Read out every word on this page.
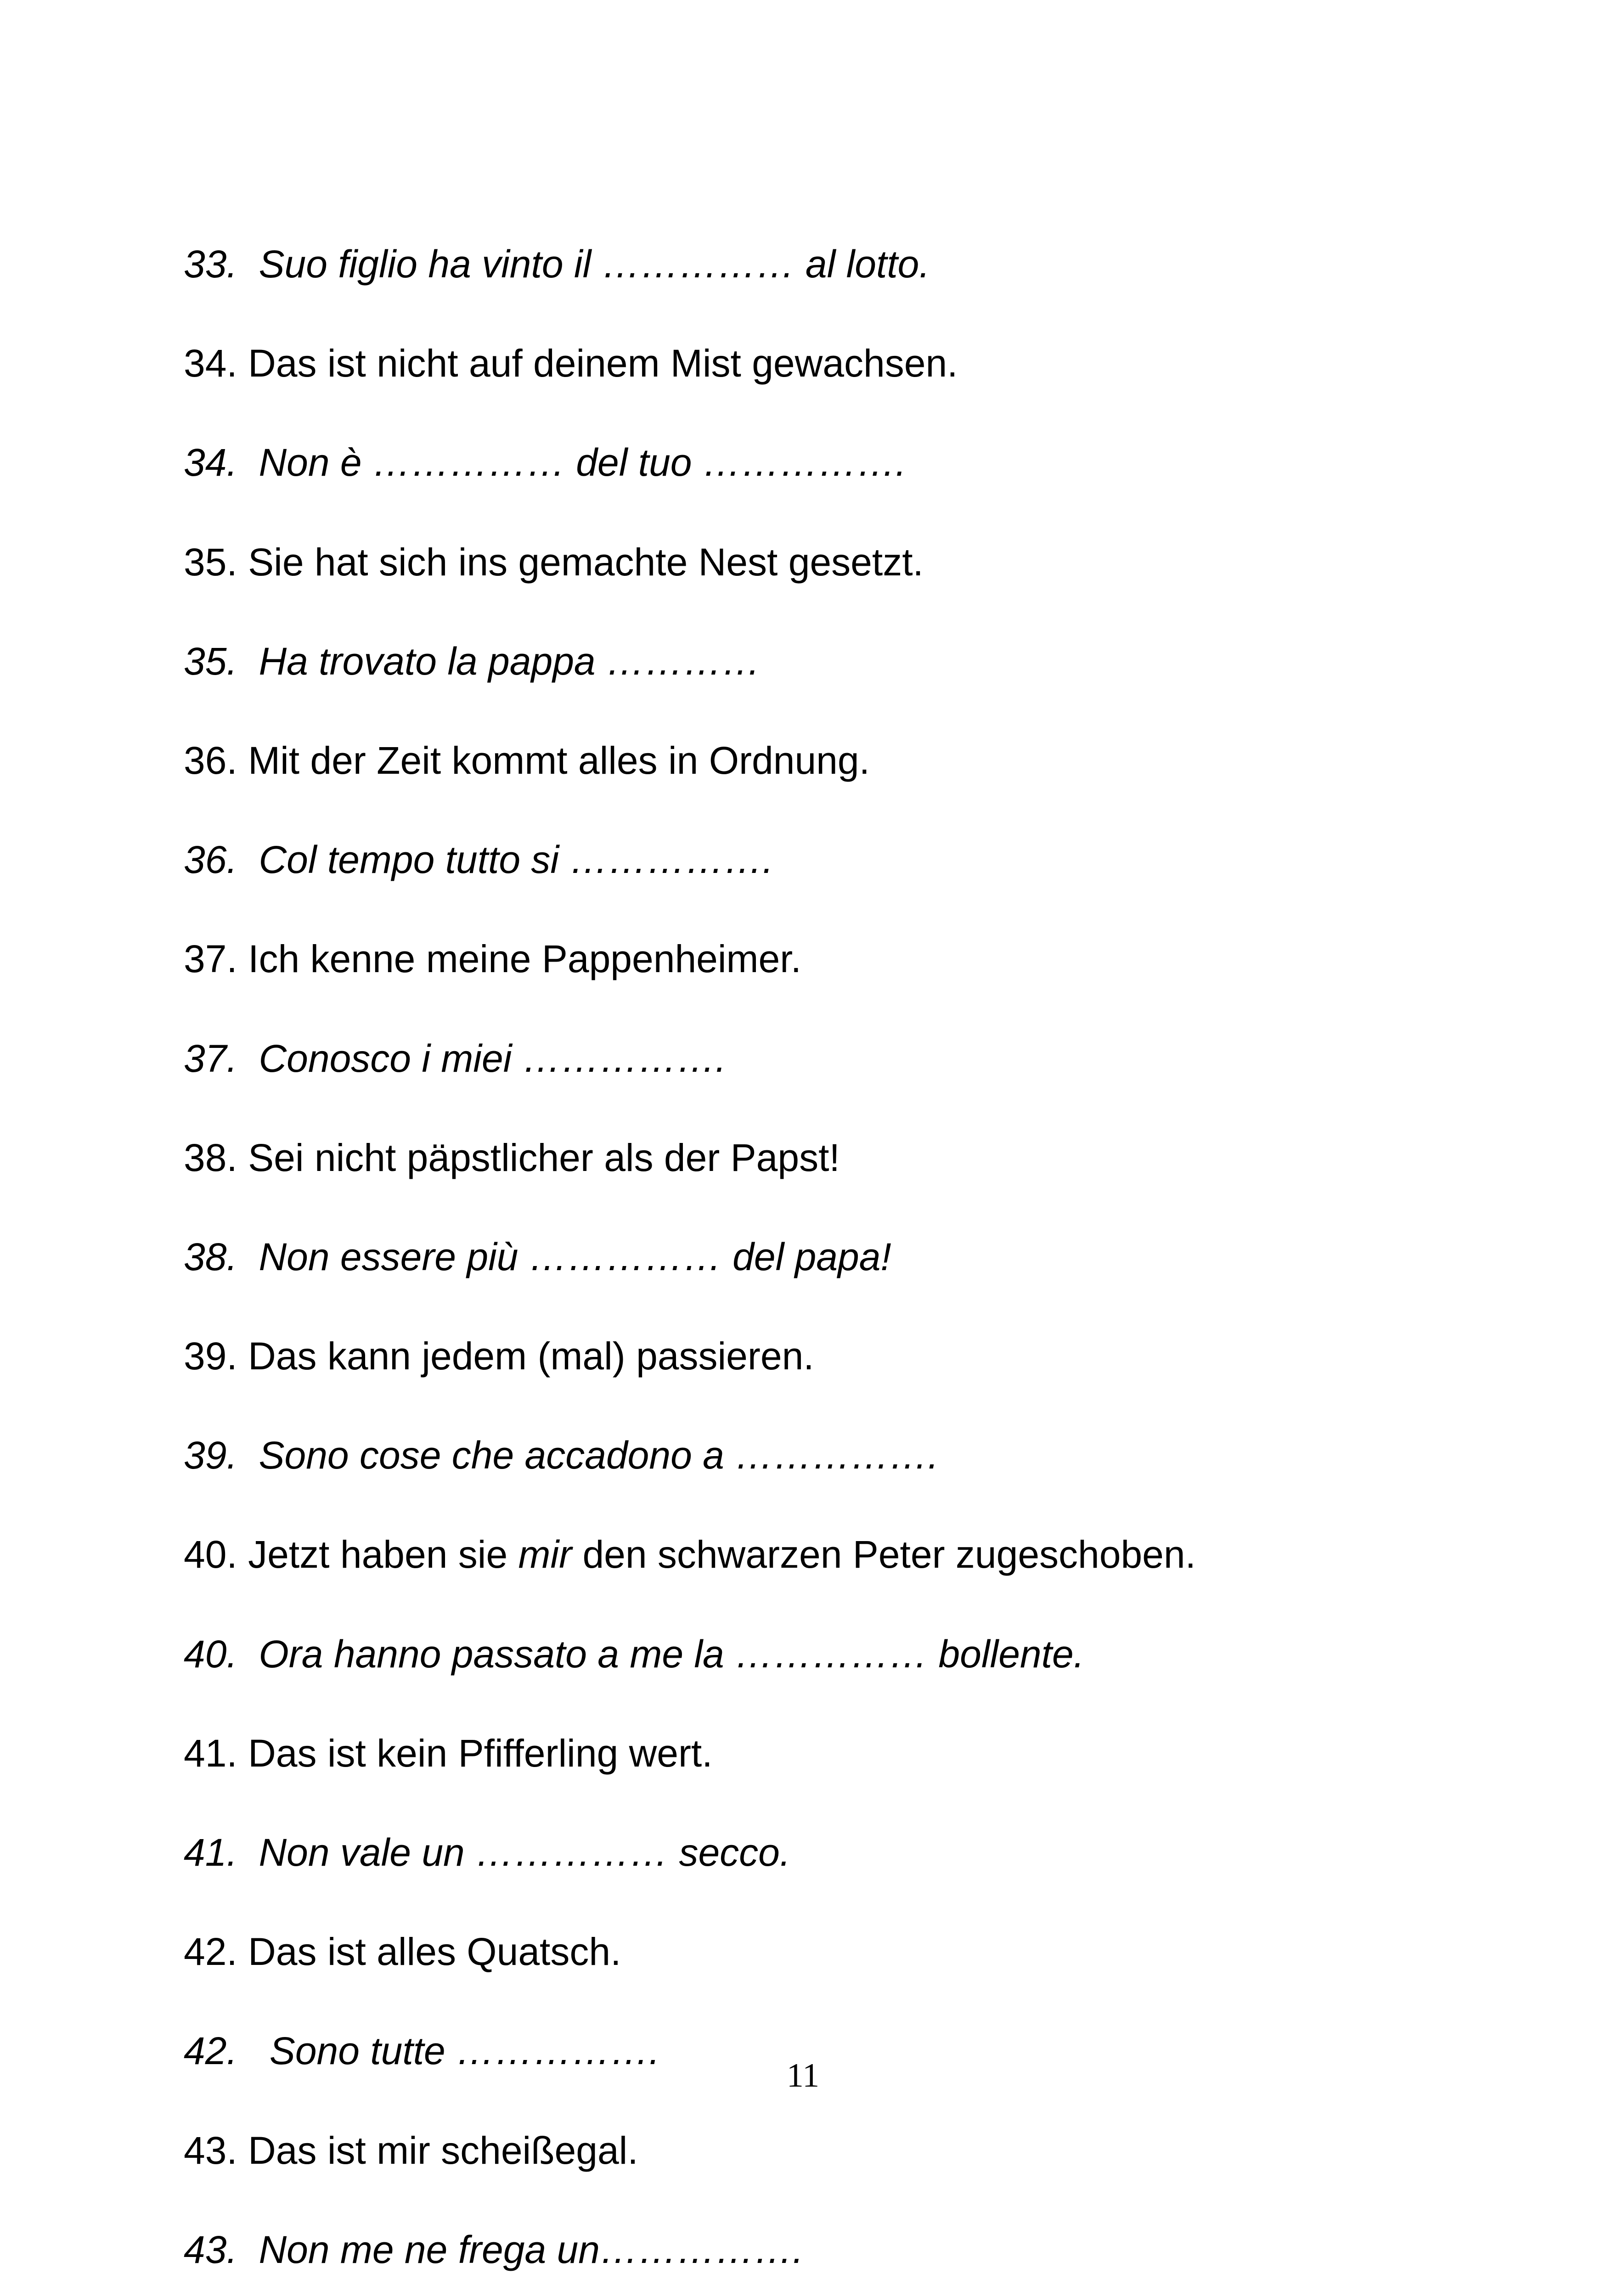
33. Suo figlio ha vinto il …………… al lotto.
34. Das ist nicht auf deinem Mist gewachsen.
34. Non è …………… del tuo …………….
35. Sie hat sich ins gemachte Nest gesetzt.
35. Ha trovato la pappa …………
36. Mit der Zeit kommt alles in Ordnung.
36. Col tempo tutto si …………….
37. Ich kenne meine Pappenheimer.
37. Conosco i miei …………….
38. Sei nicht päpstlicher als der Papst!
38. Non essere più …………… del papa!
39. Das kann jedem (mal) passieren.
39. Sono cose che accadono a …………….
40. Jetzt haben sie mir den schwarzen Peter zugeschoben.
40. Ora hanno passato a me la …………… bollente.
41. Das ist kein Pfifferling wert.
41. Non vale un …………… secco.
42. Das ist alles Quatsch.
42.   Sono tutte …………….
43. Das ist mir scheißegal.
43. Non me ne frega un…………….

11
